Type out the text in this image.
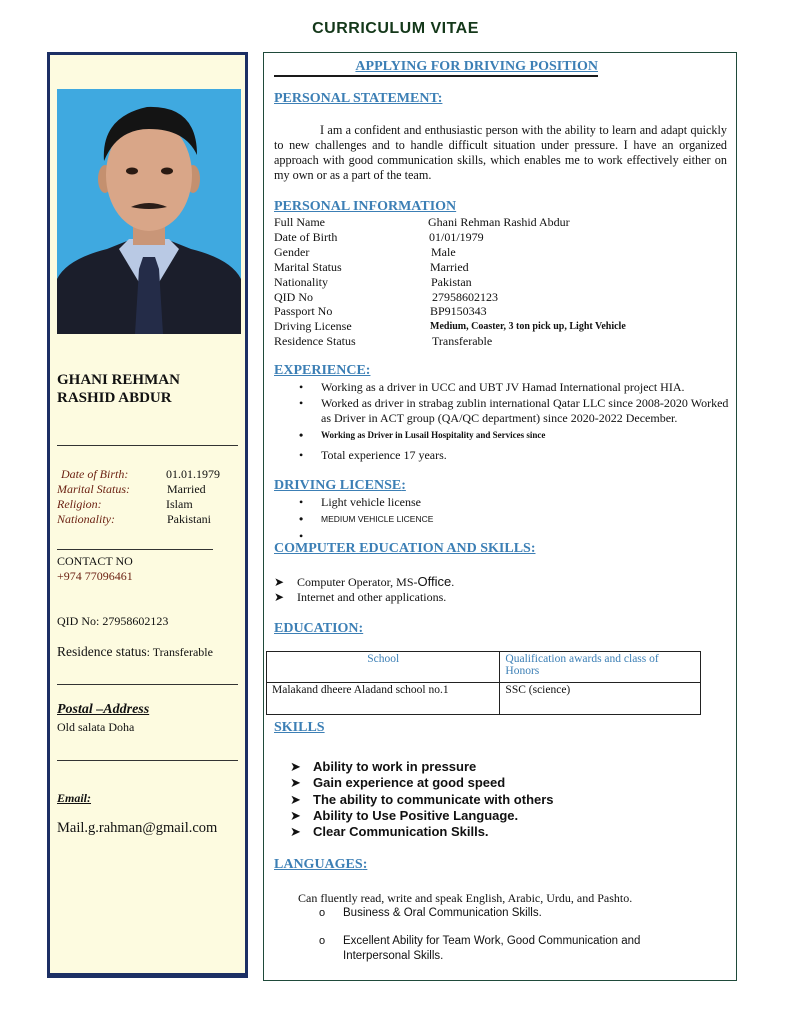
CURRICULUM VITAE
GHANI REHMAN
RASHID ABDUR
Date of Birth:	01.01.1979
Marital Status:	Married
Religion:	Islam
Nationality:	Pakistani
CONTACT NO
+974 77096461
QID No: 27958602123
Residence status: Transferable
Postal –Address
Old salata Doha
Email:
Mail.g.rahman@gmail.com
APPLYING FOR DRIVING POSITION
PERSONAL STATEMENT:
I am a confident and enthusiastic person with the ability to learn and adapt quickly to new challenges and to handle difficult situation under pressure. I have an organized approach with good communication skills, which enables me to work effectively either on my own or as a part of the team.
PERSONAL INFORMATION
Full Name	Ghani Rehman Rashid Abdur
Date of Birth	01/01/1979
Gender	Male
Marital Status	Married
Nationality	Pakistan
QID No	27958602123
Passport No	BP9150343
Driving License	Medium, Coaster, 3 ton pick up, Light Vehicle
Residence Status	Transferable
EXPERIENCE:
• Working as a driver in UCC and UBT JV Hamad International project HIA.
• Worked as driver in strabag zublin international Qatar LLC since 2008-2020 Worked as Driver in ACT group (QA/QC department) since 2020-2022 December.
• Working as Driver in Lusail Hospitality and Services since
• Total experience 17 years.
DRIVING LICENSE:
• Light vehicle license
• MEDIUM VEHICLE LICENCE
•
COMPUTER EDUCATION AND SKILLS:
➤ Computer Operator, MS-Office.
➤ Internet and other applications.
EDUCATION:
School	Qualification awards and class of Honors
Malakand dheere Aladand school no.1	SSC (science)
SKILLS
➤ Ability to work in pressure
➤ Gain experience at good speed
➤ The ability to communicate with others
➤ Ability to Use Positive Language.
➤ Clear Communication Skills.
LANGUAGES:
Can fluently read, write and speak English, Arabic, Urdu, and Pashto.
o Business & Oral Communication Skills.
o Excellent Ability for Team Work, Good Communication and Interpersonal Skills.
